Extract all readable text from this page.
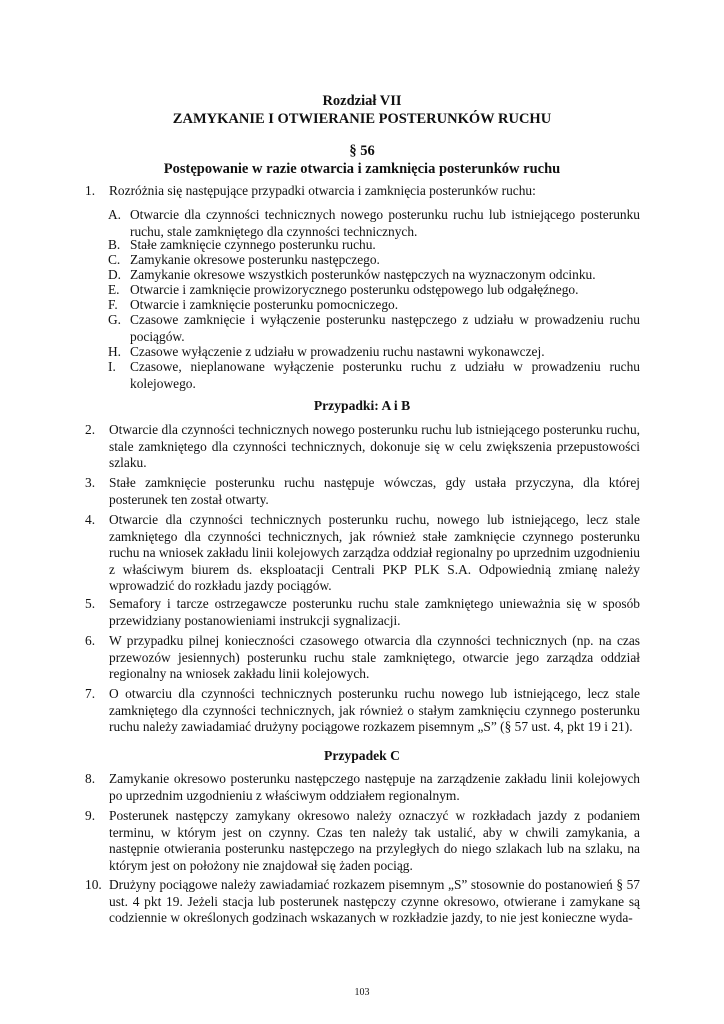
Rozdział VII
ZAMYKANIE I OTWIERANIE POSTERUNKÓW RUCHU
§ 56
Postępowanie w razie otwarcia i zamknięcia posterunków ruchu
1. Rozróżnia się następujące przypadki otwarcia i zamknięcia posterunków ruchu:
A. Otwarcie dla czynności technicznych nowego posterunku ruchu lub istniejącego posterunku ruchu, stale zamkniętego dla czynności technicznych.
B. Stałe zamknięcie czynnego posterunku ruchu.
C. Zamykanie okresowe posterunku następczego.
D. Zamykanie okresowe wszystkich posterunków następczych na wyznaczonym odcinku.
E. Otwarcie i zamknięcie prowizorycznego posterunku odstępowego lub odgałęźnego.
F. Otwarcie i zamknięcie posterunku pomocniczego.
G. Czasowe zamknięcie i wyłączenie posterunku następczego z udziału w prowadzeniu ruchu pociągów.
H. Czasowe wyłączenie z udziału w prowadzeniu ruchu nastawni wykonawczej.
I. Czasowe, nieplanowane wyłączenie posterunku ruchu z udziału w prowadzeniu ruchu kolejowego.
Przypadki: A i B
2. Otwarcie dla czynności technicznych nowego posterunku ruchu lub istniejącego posterunku ruchu, stale zamkniętego dla czynności technicznych, dokonuje się w celu zwiększenia przepustowości szlaku.
3. Stałe zamknięcie posterunku ruchu następuje wówczas, gdy ustała przyczyna, dla której posterunek ten został otwarty.
4. Otwarcie dla czynności technicznych posterunku ruchu, nowego lub istniejącego, lecz stale zamkniętego dla czynności technicznych, jak również stałe zamknięcie czynnego posterunku ruchu na wniosek zakładu linii kolejowych zarządza oddział regionalny po uprzednim uzgodnieniu z właściwym biurem ds. eksploatacji Centrali PKP PLK S.A. Odpowiednią zmianę należy wprowadzić do rozkładu jazdy pociągów.
5. Semafory i tarcze ostrzegawcze posterunku ruchu stale zamkniętego unieważnia się w sposób przewidziany postanowieniami instrukcji sygnalizacji.
6. W przypadku pilnej konieczności czasowego otwarcia dla czynności technicznych (np. na czas przewozów jesiennych) posterunku ruchu stale zamkniętego, otwarcie jego zarządza oddział regionalny na wniosek zakładu linii kolejowych.
7. O otwarciu dla czynności technicznych posterunku ruchu nowego lub istniejącego, lecz stale zamkniętego dla czynności technicznych, jak również o stałym zamknięciu czynnego posterunku ruchu należy zawiadamiać drużyny pociągowe rozkazem pisemnym „S” (§ 57 ust. 4, pkt 19 i 21).
Przypadek C
8. Zamykanie okresowo posterunku następczego następuje na zarządzenie zakładu linii kolejowych po uprzednim uzgodnieniu z właściwym oddziałem regionalnym.
9. Posterunek następczy zamykany okresowo należy oznaczyć w rozkładach jazdy z podaniem terminu, w którym jest on czynny. Czas ten należy tak ustalić, aby w chwili zamykania, a następnie otwierania posterunku następczego na przyległych do niego szlakach lub na szlaku, na którym jest on położony nie znajdował się żaden pociąg.
10. Drużyny pociągowe należy zawiadamiać rozkazem pisemnym „S” stosownie do postanowień § 57 ust. 4 pkt 19. Jeżeli stacja lub posterunek następczy czynne okresowo, otwierane i zamykane są codziennie w określonych godzinach wskazanych w rozkładzie jazdy, to nie jest konieczne wyda-
103
